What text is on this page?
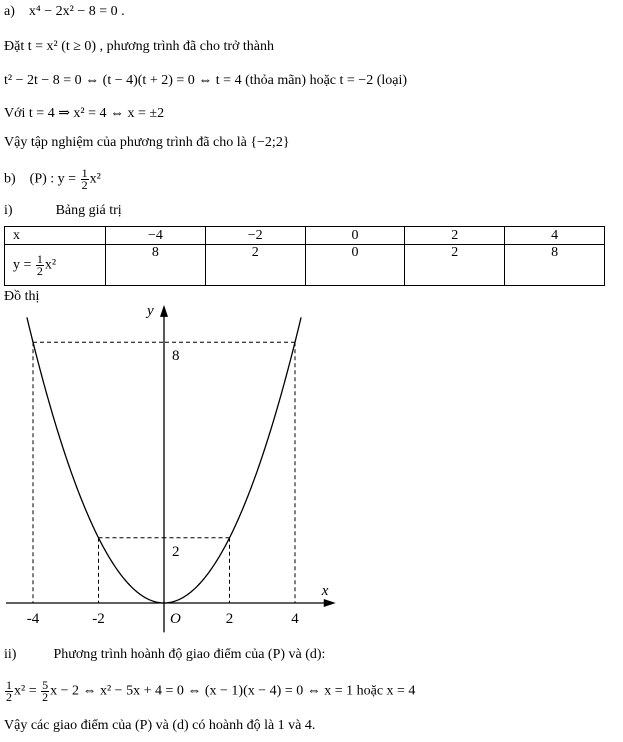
a) x⁴ − 2x² − 8 = 0 .
Đặt t = x² (t ≥ 0) , phương trình đã cho trở thành
t² − 2t − 8 = 0 ⇔ (t − 4)(t + 2) = 0 ⇔ t = 4 (thỏa mãn) hoặc t = −2 (loại)
Với t = 4 ⇒ x² = 4 ⇔ x = ±2
Vậy tập nghiệm của phương trình đã cho là {−2;2}
b) (P) : $y = \frac{1}{2} x^2$
i)	Bảng giá trị
x	−4	−2	0	2	4
$y = \frac{1}{2} x^2$	8	2	0	2	8
Đồ thị
-4	-2	2	4
2
8
O
x
y
ii)	Phương trình hoành độ giao điểm của (P) và (d):
$\frac{1}{2} x^2 = \frac{5}{2}$ x − 2 ⇔ x² − 5x + 4 = 0 ⇔ (x − 1)(x − 4) = 0 ⇔ x = 1 hoặc x = 4
Vậy các giao điểm của (P) và (d) có hoành độ là 1 và 4.
